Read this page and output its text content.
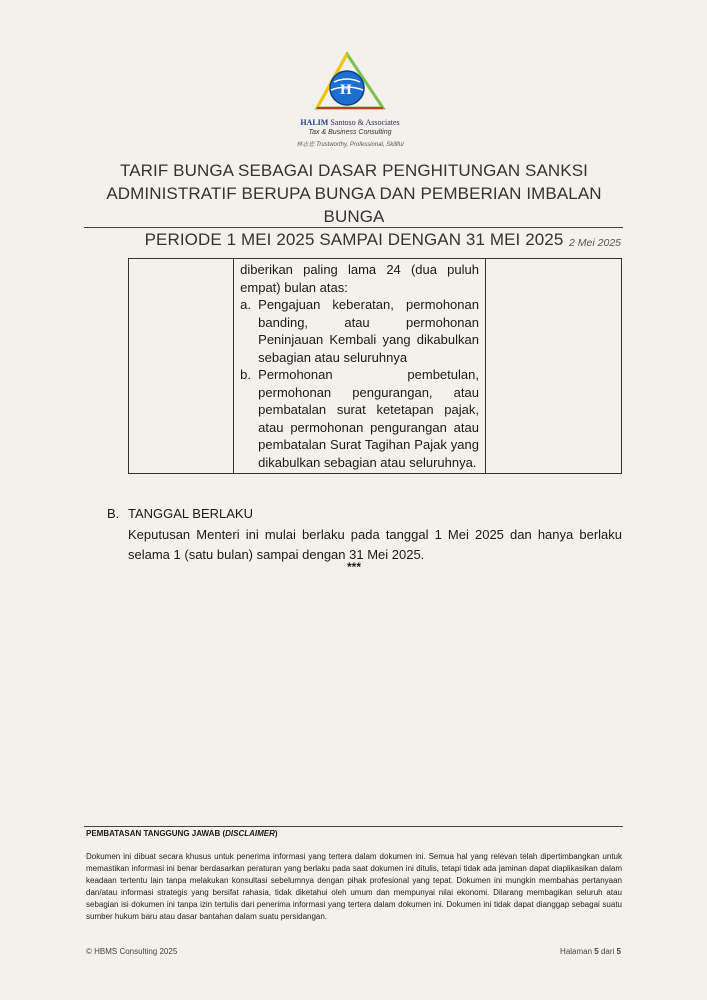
H
HALIM Santoso & Associates
Tax & Business Consulting
林志忠 Trustworthy, Professional, Skillful
TARIF BUNGA SEBAGAI DASAR PENGHITUNGAN SANKSI
ADMINISTRATIF BERUPA BUNGA DAN PEMBERIAN IMBALAN BUNGA
PERIODE 1 MEI 2025 SAMPAI DENGAN 31 MEI 2025 2 Mei 2025

diberikan paling lama 24 (dua puluh empat) bulan atas:

a. Pengajuan keberatan, permohonan banding, atau permohonan Peninjauan Kembali yang dikabulkan sebagian atau seluruhnya
b. Permohonan pembetulan, permohonan pengurangan, atau pembatalan surat ketetapan pajak, atau permohonan pengurangan atau pembatalan Surat Tagihan Pajak yang dikabulkan sebagian atau seluruhnya.

B. TANGGAL BERLAKU
Keputusan Menteri ini mulai berlaku pada tanggal 1 Mei 2025 dan hanya berlaku selama 1 (satu bulan) sampai dengan 31 Mei 2025.
***
PEMBATASAN TANGGUNG JAWAB (DISCLAIMER)
Dokumen ini dibuat secara khusus untuk penerima informasi yang tertera dalam dokumen ini. Semua hal yang relevan telah dipertimbangkan untuk memastikan informasi ini benar berdasarkan peraturan yang berlaku pada saat dokumen ini ditulis, tetapi tidak ada jaminan dapat diaplikasikan dalam keadaan tertentu lain tanpa melakukan konsultasi sebelumnya dengan pihak profesional yang tepat. Dokumen ini mungkin membahas pertanyaan dan/atau informasi strategis yang bersifat rahasia, tidak diketahui oleh umum dan mempunyai nilai ekonomi. Dilarang membagikan seluruh atau sebagian isi dokumen ini tanpa izin tertulis dari penerima informasi yang tertera dalam dokumen ini. Dokumen ini tidak dapat dianggap sebagai suatu sumber hukum baru atau dasar bantahan dalam suatu persidangan.
© HBMS Consulting 2025	Halaman 5 dari 5
